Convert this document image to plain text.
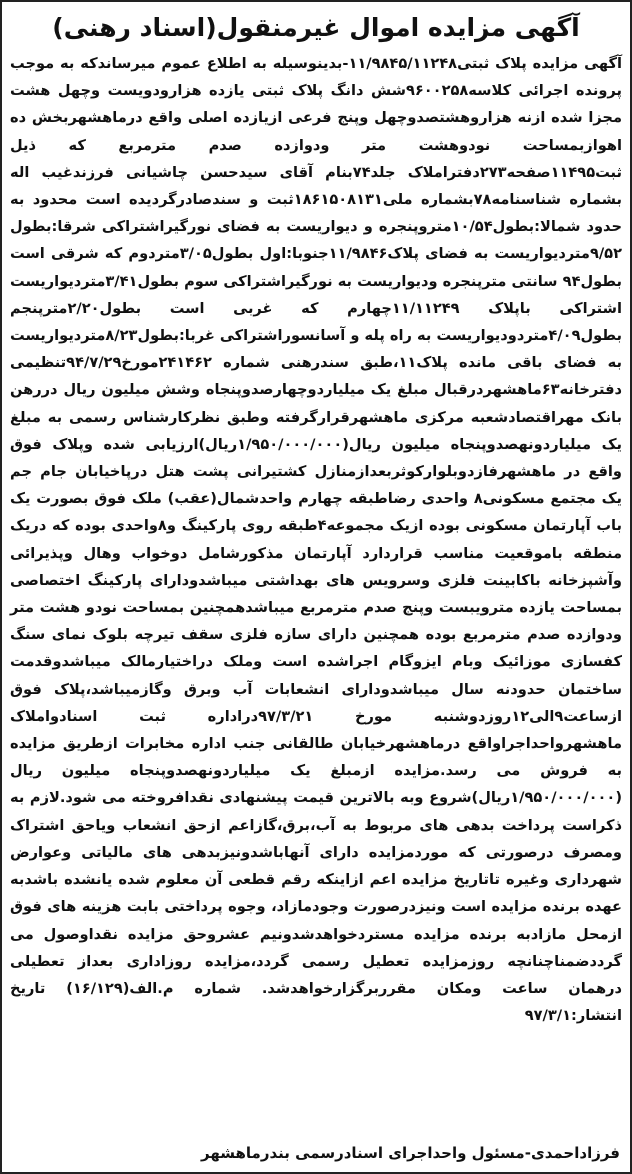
آگهی مزایده اموال غیرمنقول(اسناد رهنی)
آگهی مزایده پلاک ثبتی۱۱/۹۸۴۵/۱۱۲۴۸-بدینوسیله به اطلاع عموم میرساندکه به موجب پرونده اجرائی کلاسه۹۶۰۰۲۵۸شش دانگ پلاک ثبتی یازده هزارودویست وچهل هشت مجزا شده ازنه هزاروهشتصدوچهل وپنج فرعی ازیازده اصلی واقع درماهشهربخش ده اهوازبمساحت نودوهشت متر ودوازده صدم مترمربع که ذیل ثبت۱۱۴۹۵صفحه۲۷۳دفتراملاک جلد۷۴بنام آقای سیدحسن چاشیانی فرزندغیب اله بشماره شناسنامه۷۸بشماره ملی۱۸۶۱۵۰۸۱۳۱ثبت و سندصادرگردیده است محدود به حدود شمالا:بطول۱۰/۵۴متروپنجره و دیواریست به فضای نورگیراشتراکی شرقا:بطول ۹/۵۲متردیواریست به فضای پلاک۱۱/۹۸۴۶جنوبا:اول بطول۳/۰۵متردوم که شرقی است بطول۹۴ سانتی مترپنجره ودیواریست به نورگیراشتراکی سوم بطول۳/۴۱متردیواریست اشتراکی باپلاک ۱۱/۱۱۲۴۹چهارم که غربی است بطول۲/۲۰مترپنجم بطول۴/۰۹متردودیواریست به راه پله و آسانسوراشتراکی غربا:بطول۸/۲۳متردیواریست به فضای باقی مانده پلاک۱۱،طبق سندرهنی شماره ۲۴۱۴۶۲مورخ۹۴/۷/۲۹تنظیمی دفترخانه۶۳ماهشهردرقبال مبلغ یک میلیاردوچهارصدوپنجاه وشش میلیون ریال دررهن بانک مهراقتصادشعبه مرکزی ماهشهرقرارگرفته وطبق نظرکارشناس رسمی به مبلغ یک میلیاردونهصدوپنجاه میلیون ریال(۱/۹۵۰/۰۰۰/۰۰۰ریال)ارزیابی شده وپلاک فوق واقع در ماهشهرفازدوبلوارکوثربعدازمنازل کشتیرانی پشت هتل درپاخیابان جام جم یک مجتمع مسکونی۸ واحدی رضاطبقه چهارم واحدشمال(عقب) ملک فوق بصورت یک باب آپارتمان مسکونی بوده ازیک مجموعه۴طبقه روی پارکینگ و۸واحدی بوده که دریک منطقه باموقعیت مناسب قراردارد آپارتمان مذکورشامل دوخواب وهال وپذیرائی وآشپزخانه باکابینت فلزی وسرویس های بهداشتی میباشدودارای پارکینگ اختصاصی بمساحت یازده مترویبست وپنج صدم مترمربع میباشدهمچنین بمساحت نودو هشت متر ودوازده صدم مترمربع بوده همچنین دارای سازه فلزی سقف تیرچه بلوک نمای سنگ کفسازی موزائیک وبام ایزوگام اجراشده است وملک دراختیارمالک میباشدوقدمت ساختمان حدودنه سال میباشدودارای انشعابات آب وبرق وگازمیباشد،پلاک فوق ازساعت۹الی۱۲روزدوشنبه مورخ ۹۷/۳/۲۱دراداره ثبت اسنادواملاک ماهشهرواحداجراواقع درماهشهرخیابان طالقانی جنب اداره مخابرات ازطریق مزایده به فروش می رسد.مزایده ازمبلغ یک میلیاردونهصدوپنجاه میلیون ریال (۱/۹۵۰/۰۰۰/۰۰۰ریال)شروع وبه بالاترین قیمت پیشنهادی نقدافروخته می شود.لازم به ذکراست پرداخت بدهی های مربوط به آب،برق،گازاعم ازحق انشعاب ویاحق اشتراک ومصرف درصورتی که موردمزایده دارای آنهاباشدونیزبدهی های مالیاتی وعوارض شهرداری وغیره تاتاریخ مزایده اعم ازاینکه رقم قطعی آن معلوم شده یانشده باشدبه عهده برنده مزایده است ونیزدرصورت وجودمازاد، وجوه پرداختی بابت هزینه های فوق ازمحل مازادبه برنده مزایده مستردخواهدشدونیم عشروحق مزایده نقداوصول می گرددضمناچنانچه روزمزایده تعطیل رسمی گردد،مزایده روزاداری بعداز تعطیلی درهمان ساعت ومکان مقرربرگزارخواهدشد. شماره م.الف(۱۶/۱۲۹) تاریخ انتشار:۹۷/۳/۱
فرزاداحمدی-مسئول واحداجرای اسنادرسمی بندرماهشهر
